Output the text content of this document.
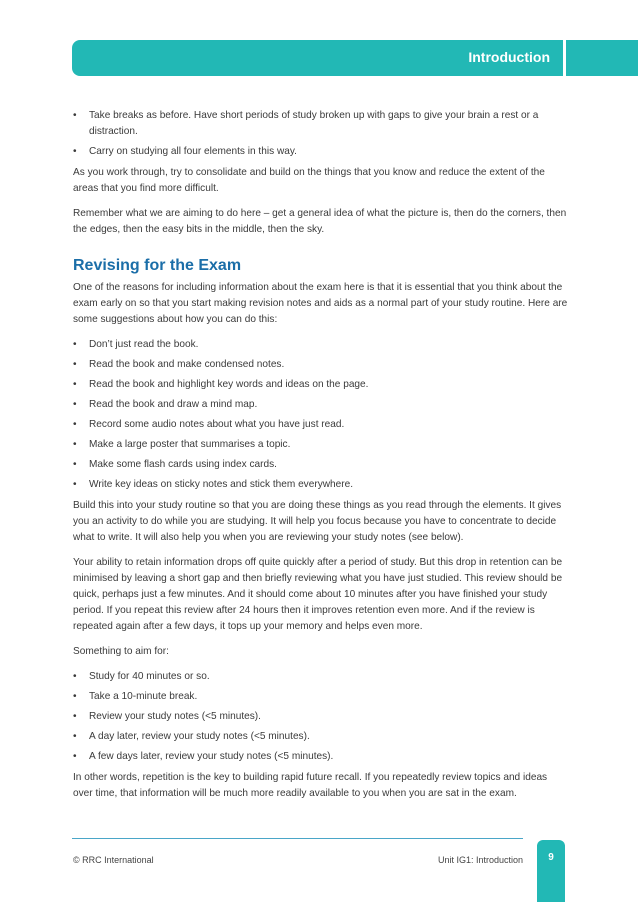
Introduction
• Take breaks as before. Have short periods of study broken up with gaps to give your brain a rest or a distraction.
• Carry on studying all four elements in this way.

As you work through, try to consolidate and build on the things that you know and reduce the extent of the areas that you find more difficult.

Remember what we are aiming to do here – get a general idea of what the picture is, then do the corners, then the edges, then the easy bits in the middle, then the sky.

Revising for the Exam

One of the reasons for including information about the exam here is that it is essential that you think about the exam early on so that you start making revision notes and aids as a normal part of your study routine. Here are some suggestions about how you can do this:

• Don’t just read the book.
• Read the book and make condensed notes.
• Read the book and highlight key words and ideas on the page.
• Read the book and draw a mind map.
• Record some audio notes about what you have just read.
• Make a large poster that summarises a topic.
• Make some flash cards using index cards.
• Write key ideas on sticky notes and stick them everywhere.

Build this into your study routine so that you are doing these things as you read through the elements. It gives you an activity to do while you are studying. It will help you focus because you have to concentrate to decide what to write. It will also help you when you are reviewing your study notes (see below).

Your ability to retain information drops off quite quickly after a period of study. But this drop in retention can be minimised by leaving a short gap and then briefly reviewing what you have just studied. This review should be quick, perhaps just a few minutes. And it should come about 10 minutes after you have finished your study period. If you repeat this review after 24 hours then it improves retention even more. And if the review is repeated again after a few days, it tops up your memory and helps even more.

Something to aim for:

• Study for 40 minutes or so.
• Take a 10-minute break.
• Review your study notes (<5 minutes).
• A day later, review your study notes (<5 minutes).
• A few days later, review your study notes (<5 minutes).

In other words, repetition is the key to building rapid future recall. If you repeatedly review topics and ideas over time, that information will be much more readily available to you when you are sat in the exam.

© RRC International	Unit IG1: Introduction	9
